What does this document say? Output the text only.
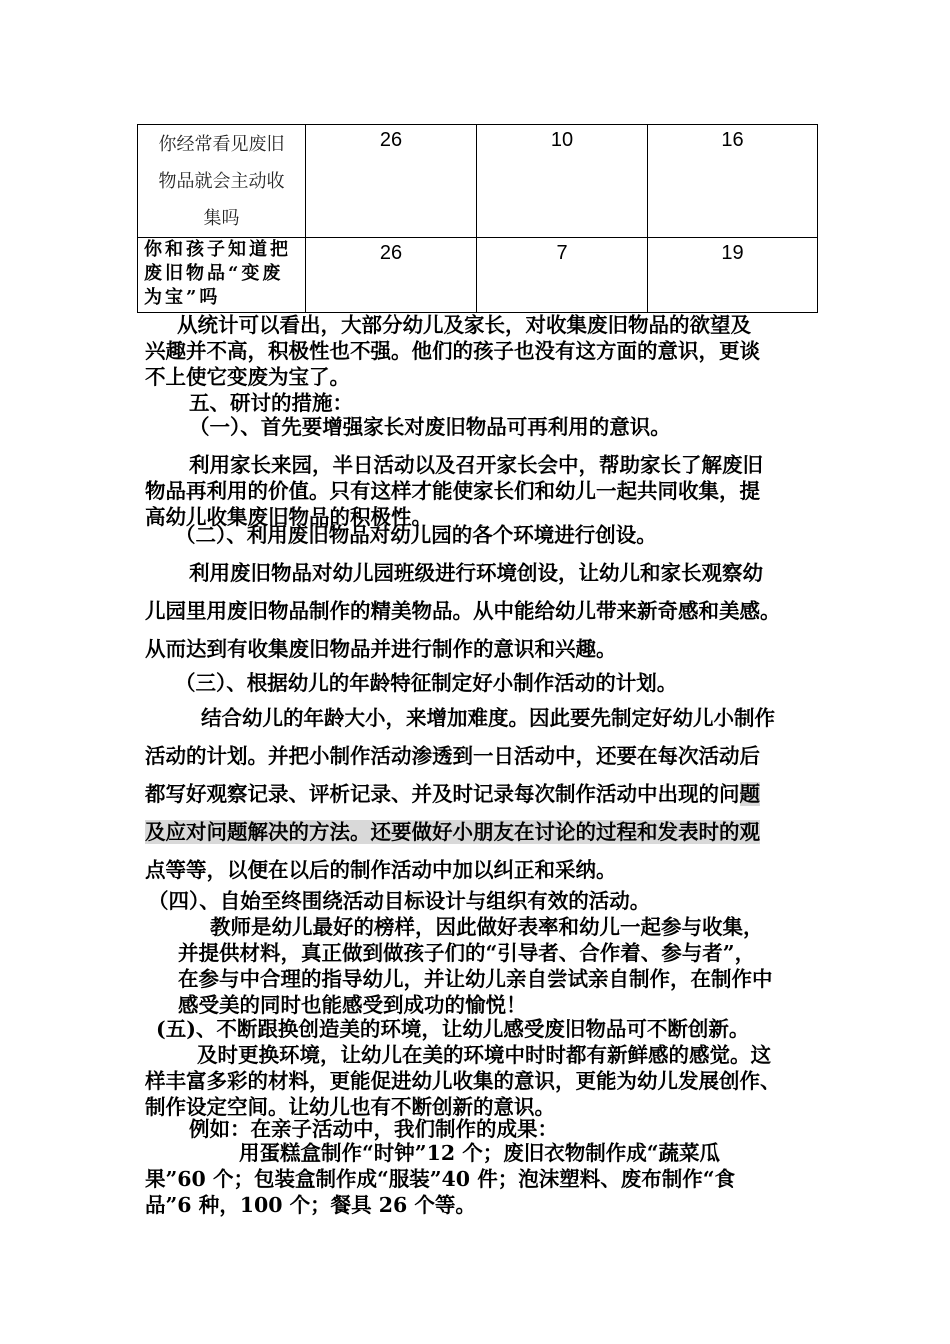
你经常看见废旧
物品就会主动收
集吗	26	10	16

你和孩子知道把
废旧物品“变废
为宝”吗	26	7	19
从统计可以看出，大部分幼儿及家长，对收集废旧物品的欲望及
兴趣并不高，积极性也不强。他们的孩子也没有这方面的意识，更谈
不上使它变废为宝了。
五、研讨的措施：
（一）、首先要增强家长对废旧物品可再利用的意识。
利用家长来园，半日活动以及召开家长会中，帮助家长了解废旧
物品再利用的价值。只有这样才能使家长们和幼儿一起共同收集，提
高幼儿收集废旧物品的积极性。
（二）、利用废旧物品对幼儿园的各个环境进行创设。
利用废旧物品对幼儿园班级进行环境创设，让幼儿和家长观察幼
儿园里用废旧物品制作的精美物品。从中能给幼儿带来新奇感和美感。
从而达到有收集废旧物品并进行制作的意识和兴趣。
（三）、根据幼儿的年龄特征制定好小制作活动的计划。
结合幼儿的年龄大小，来增加难度。因此要先制定好幼儿小制作
活动的计划。并把小制作活动渗透到一日活动中，还要在每次活动后
都写好观察记录、评析记录、并及时记录每次制作活动中出现的问题
及应对问题解决的方法。还要做好小朋友在讨论的过程和发表时的观
点等等，以便在以后的制作活动中加以纠正和采纳。
（四）、自始至终围绕活动目标设计与组织有效的活动。
教师是幼儿最好的榜样，因此做好表率和幼儿一起参与收集，
并提供材料，真正做到做孩子们的“引导者、合作着、参与者”，
在参与中合理的指导幼儿，并让幼儿亲自尝试亲自制作，在制作中
感受美的同时也能感受到成功的愉悦！
(五)、不断跟换创造美的环境，让幼儿感受废旧物品可不断创新。
及时更换环境，让幼儿在美的环境中时时都有新鲜感的感觉。这
样丰富多彩的材料，更能促进幼儿收集的意识，更能为幼儿发展创作、
制作设定空间。让幼儿也有不断创新的意识。
例如：在亲子活动中，我们制作的成果：
用蛋糕盒制作“时钟”12 个；废旧衣物制作成“蔬菜瓜
果”60 个；包装盒制作成“服装”40 件；泡沫塑料、废布制作“食
品”6 种，100 个；餐具 26 个等。
